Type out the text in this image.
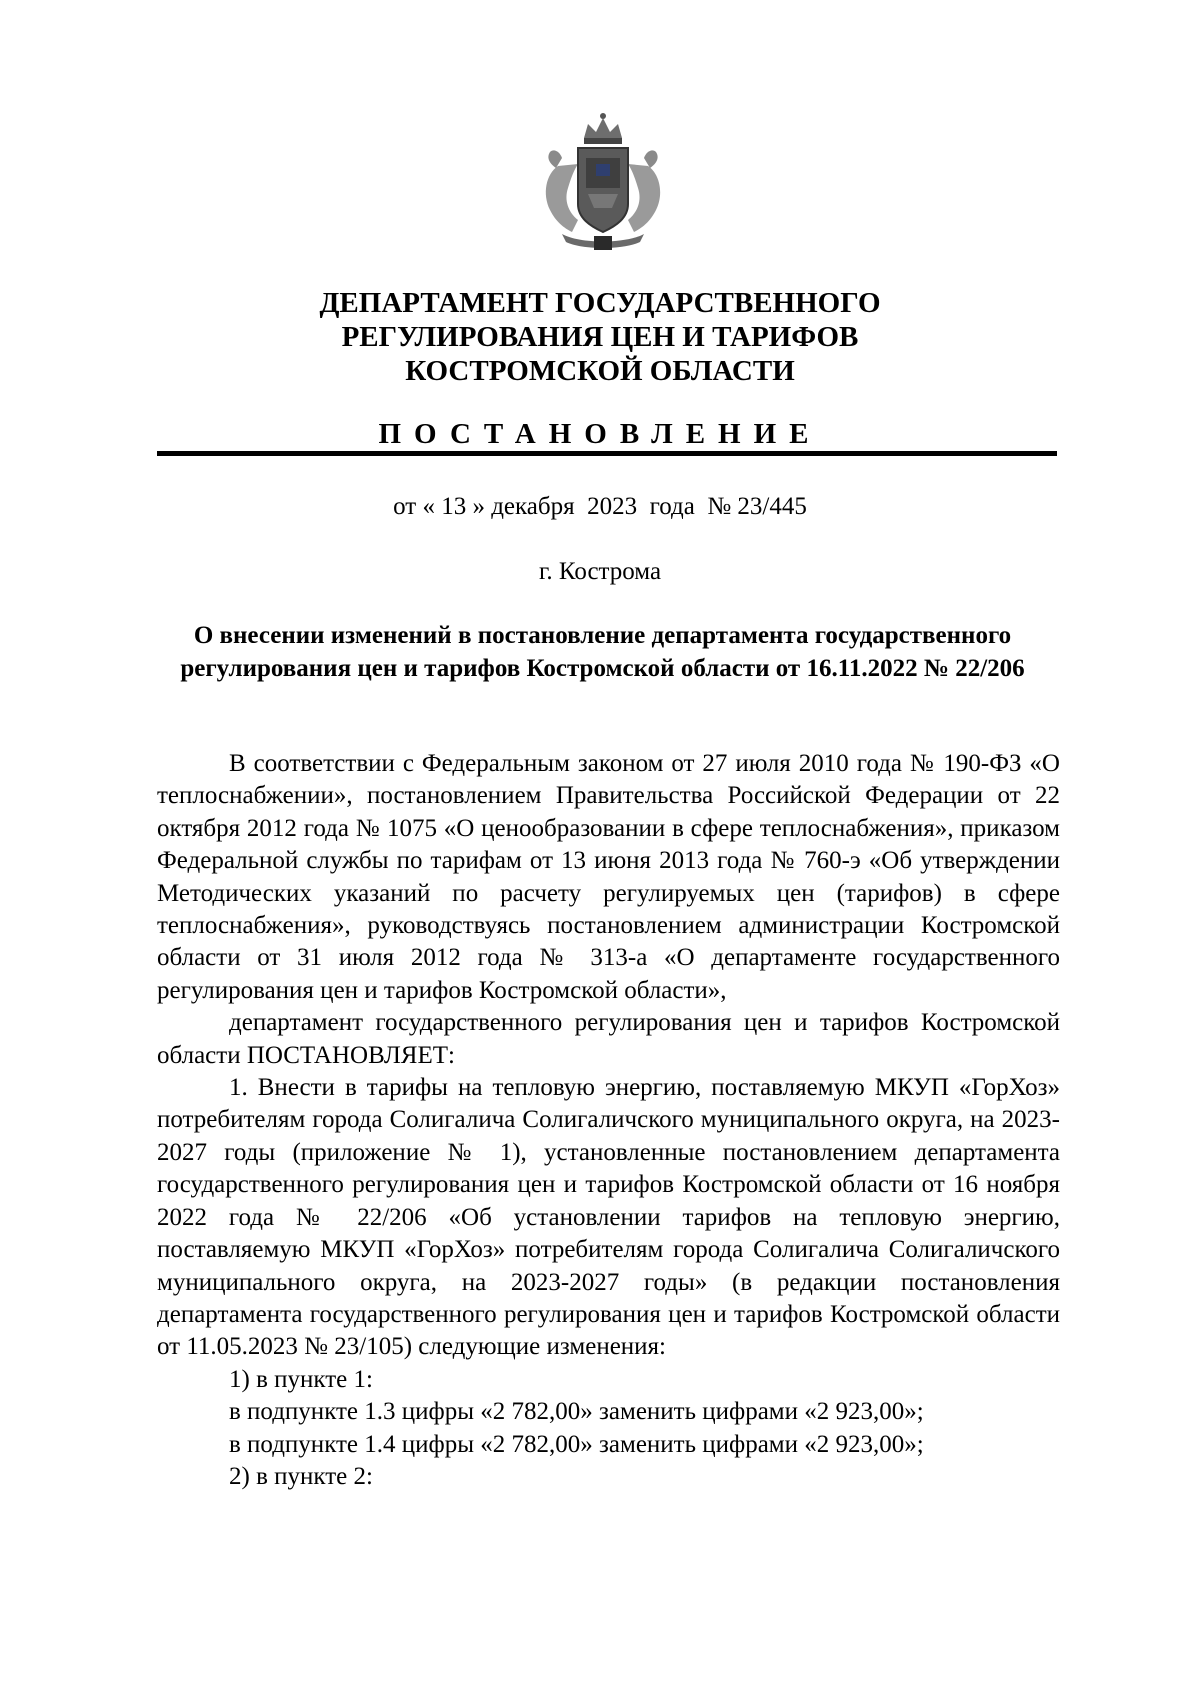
ДЕПАРТАМЕНТ ГОСУДАРСТВЕННОГО
РЕГУЛИРОВАНИЯ ЦЕН И ТАРИФОВ
КОСТРОМСКОЙ ОБЛАСТИ
ПОСТАНОВЛЕНИЕ
от « 13 » декабря  2023  года  № 23/445
г. Кострома
О внесении изменений в постановление департамента государственного
регулирования цен и тарифов Костромской области от 16.11.2022 № 22/206

В соответствии с Федеральным законом от 27 июля 2010 года № 190-ФЗ «О теплоснабжении», постановлением Правительства Российской Федерации от 22 октября 2012 года № 1075 «О ценообразовании в сфере теплоснабжения», приказом Федеральной службы по тарифам от 13 июня 2013 года № 760-э «Об утверждении Методических указаний по расчету регулируемых цен (тарифов) в сфере теплоснабжения», руководствуясь постановлением администрации Костромской области от 31 июля 2012 года № 313-а «О департаменте государственного регулирования цен и тарифов Костромской области»,

департамент государственного регулирования цен и тарифов Костромской области ПОСТАНОВЛЯЕТ:

1. Внести в тарифы на тепловую энергию, поставляемую МКУП «ГорХоз» потребителям города Солигалича Солигаличского муниципального округа, на 2023-2027 годы (приложение № 1), установленные постановлением департамента государственного регулирования цен и тарифов Костромской области от 16 ноября 2022 года № 22/206 «Об установлении тарифов на тепловую энергию, поставляемую МКУП «ГорХоз» потребителям города Солигалича Солигаличского муниципального округа, на 2023-2027 годы» (в редакции постановления департамента государственного регулирования цен и тарифов Костромской области от 11.05.2023 № 23/105) следующие изменения:

1) в пункте 1:

в подпункте 1.3 цифры «2 782,00» заменить цифрами «2 923,00»;

в подпункте 1.4 цифры «2 782,00» заменить цифрами «2 923,00»;

2) в пункте 2:
